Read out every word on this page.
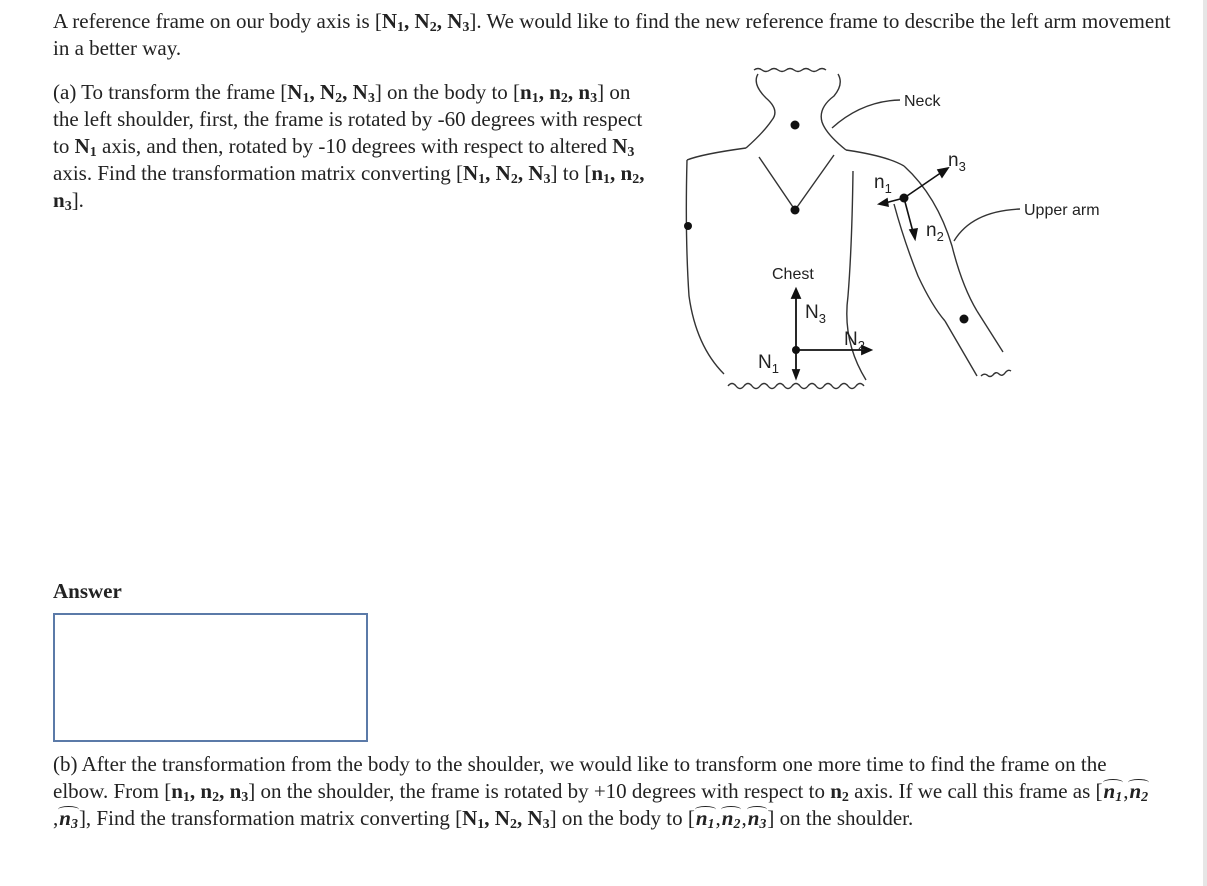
A reference frame on our body axis is [$N_1$, $N_2$, $N_3$]. We would like to find the new reference frame to describe the left arm movement in a better way.

(a) To transform the frame [$N_1$, $N_2$, $N_3$] on the body to [$n_1$, $n_2$, $n_3$] on the left shoulder, first, the frame is rotated by -60 degrees with respect to $N_1$ axis, and then, rotated by -10 degrees with respect to altered $N_3$ axis. Find the transformation matrix converting [$N_1$, $N_2$, $N_3$] to [$n_1$, $n_2$, $n_3$].

Neck
Upper arm
Chest
$N_3$
$N_2$
$N_1$
$n_3$
$n_1$
$n_2$

Answer

(b) After the transformation from the body to the shoulder, we would like to transform one more time to find the frame on the elbow. From [$n_1$, $n_2$, $n_3$] on the shoulder, the frame is rotated by +10 degrees with respect to $n_2$ axis. If we call this frame as $[n_1,n_2,n_3]$, Find the transformation matrix converting [$N_1$, $N_2$, $N_3$] on the body to $[n_1,n_2,n_3]$ on the shoulder.
